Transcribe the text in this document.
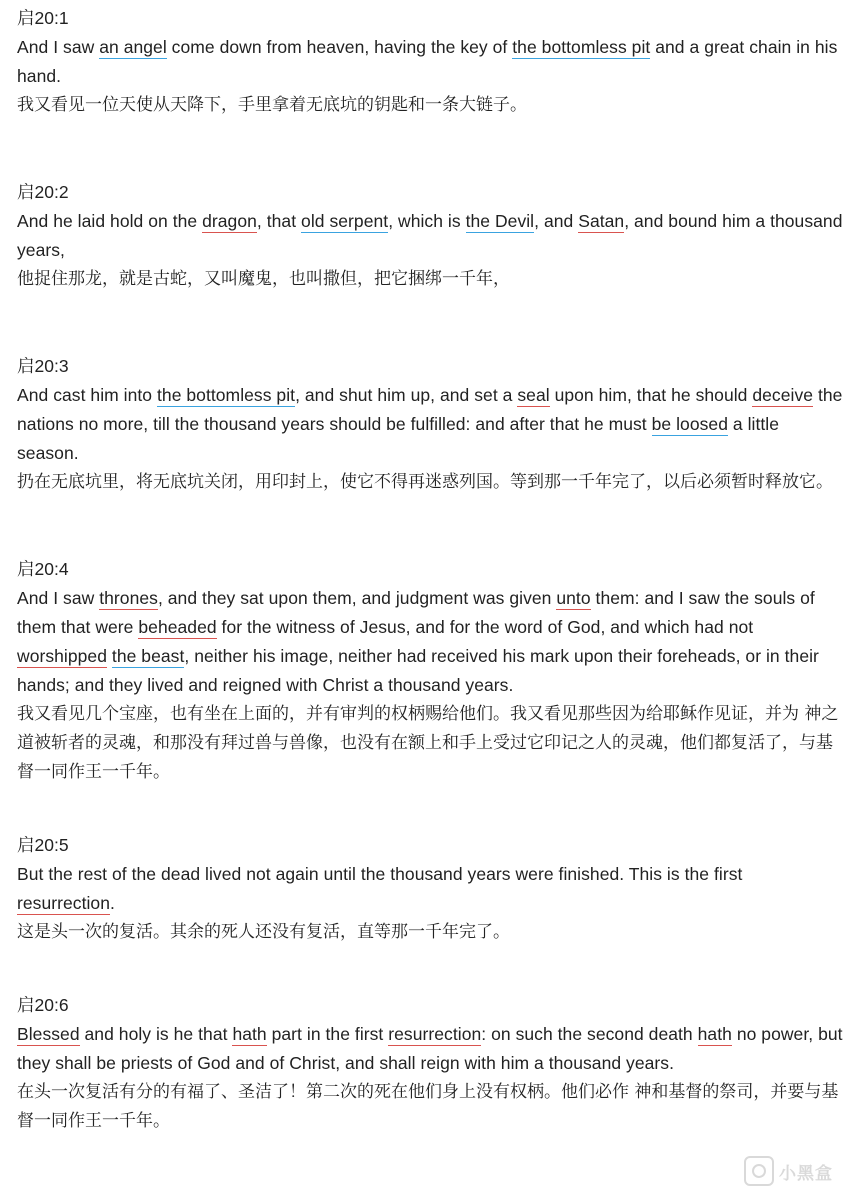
启20:1

And I saw an angel come down from heaven, having the key of the bottomless pit and a great chain in his hand.

我又看见一位天使从天降下，手里拿着无底坑的钥匙和一条大链子。

启20:2

And he laid hold on the dragon, that old serpent, which is the Devil, and Satan, and bound him a thousand years,

他捉住那龙，就是古蛇，又叫魔鬼，也叫撒但，把它捆绑一千年，

启20:3

And cast him into the bottomless pit, and shut him up, and set a seal upon him, that he should deceive the nations no more, till the thousand years should be fulfilled: and after that he must be loosed a little season.

扔在无底坑里，将无底坑关闭，用印封上，使它不得再迷惑列国。等到那一千年完了，以后必须暂时释放它。

启20:4

And I saw thrones, and they sat upon them, and judgment was given unto them: and I saw the souls of them that were beheaded for the witness of Jesus, and for the word of God, and which had not worshipped the beast, neither his image, neither had received his mark upon their foreheads, or in their hands; and they lived and reigned with Christ a thousand years.

我又看见几个宝座，也有坐在上面的，并有审判的权柄赐给他们。我又看见那些因为给耶稣作见证，并为 神之道被斩者的灵魂，和那没有拜过兽与兽像，也没有在额上和手上受过它印记之人的灵魂，他们都复活了，与基督一同作王一千年。

启20:5

But the rest of the dead lived not again until the thousand years were finished. This is the first resurrection.

这是头一次的复活。其余的死人还没有复活，直等那一千年完了。

启20:6

Blessed and holy is he that hath part in the first resurrection: on such the second death hath no power, but they shall be priests of God and of Christ, and shall reign with him a thousand years.

在头一次复活有分的有福了、圣洁了！第二次的死在他们身上没有权柄。他们必作 神和基督的祭司，并要与基督一同作王一千年。

小黑盒
